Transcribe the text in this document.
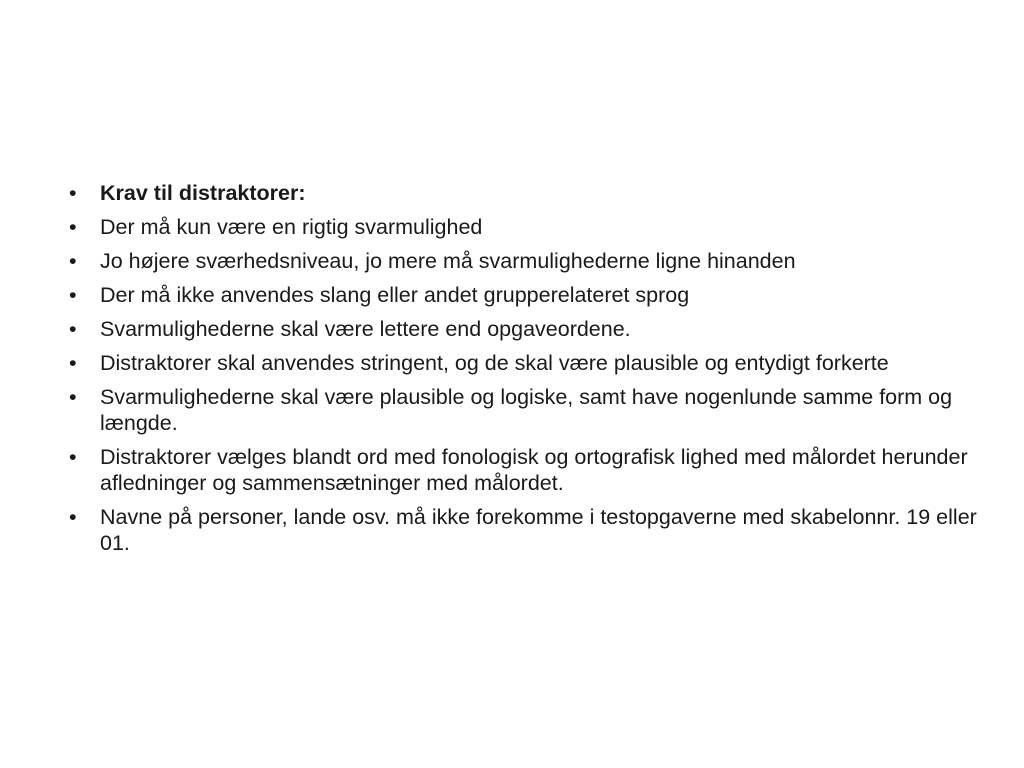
• Krav til distraktorer:
• Der må kun være en rigtig svarmulighed
• Jo højere sværhedsniveau, jo mere må svarmulighederne ligne hinanden
• Der må ikke anvendes slang eller andet grupperelateret sprog
• Svarmulighederne skal være lettere end opgaveordene.
• Distraktorer skal anvendes stringent, og de skal være plausible og entydigt forkerte
• Svarmulighederne skal være plausible og logiske, samt have nogenlunde samme form og længde.
• Distraktorer vælges blandt ord med fonologisk og ortografisk lighed med målordet herunder afledninger og sammensætninger med målordet.
• Navne på personer, lande osv. må ikke forekomme i testopgaverne med skabelonnr. 19 eller 01.
